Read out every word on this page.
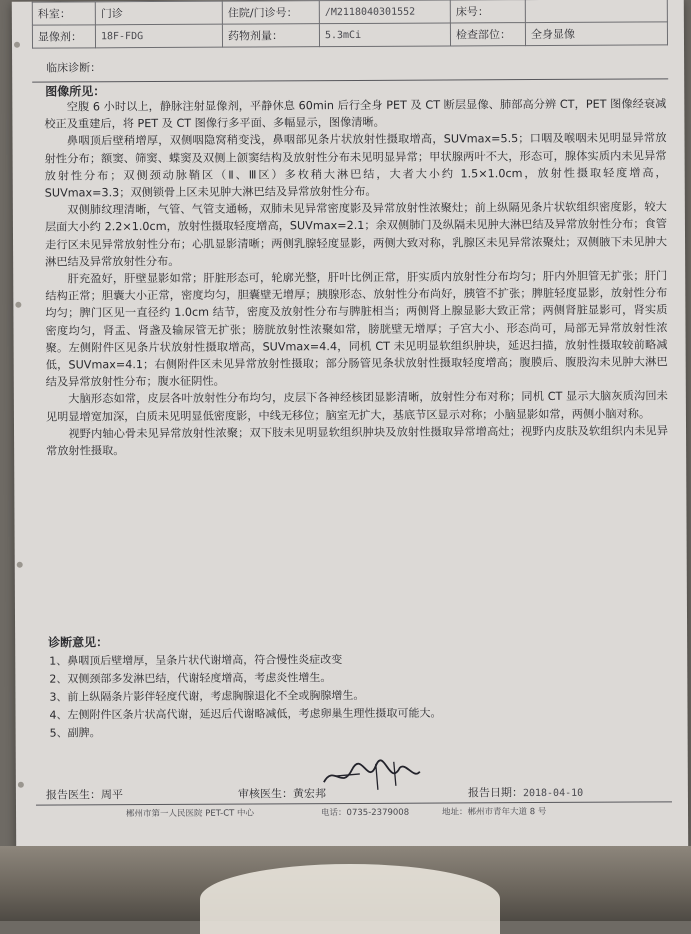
科室：	门诊	住院/门诊号：	/M2118040301552	床号：	
显像剂：	18F-FDG	药物剂量：	5.3mCi	检查部位：	全身显像
临床诊断：
图像所见：

空腹 6 小时以上，静脉注射显像剂，平静休息 60min 后行全身 PET 及 CT 断层显像、肺部高分辨 CT，PET 图像经衰减校正及重建后，将 PET 及 CT 图像行多平面、多幅显示，图像清晰。

鼻咽顶后壁稍增厚，双侧咽隐窝稍变浅，鼻咽部见条片状放射性摄取增高，SUVmax=5.5；口咽及喉咽未见明显异常放射性分布；额窦、筛窦、蝶窦及双侧上颌窦结构及放射性分布未见明显异常；甲状腺两叶不大，形态可，腺体实质内未见异常放射性分布；双侧颈动脉鞘区（Ⅱ、Ⅲ区）多枚稍大淋巴结，大者大小约 1.5×1.0cm，放射性摄取轻度增高，SUVmax=3.3；双侧锁骨上区未见肿大淋巴结及异常放射性分布。

双侧肺纹理清晰，气管、气管支通畅，双肺未见异常密度影及异常放射性浓聚灶；前上纵隔见条片状软组织密度影，较大层面大小约 2.2×1.0cm，放射性摄取轻度增高，SUVmax=2.1；余双侧肺门及纵隔未见肿大淋巴结及异常放射性分布；食管走行区未见异常放射性分布；心肌显影清晰；两侧乳腺轻度显影，两侧大致对称，乳腺区未见异常浓聚灶；双侧腋下未见肿大淋巴结及异常放射性分布。

肝充盈好，肝壁显影如常；肝脏形态可，轮廓光整，肝叶比例正常，肝实质内放射性分布均匀；肝内外胆管无扩张；肝门结构正常；胆囊大小正常，密度均匀，胆囊壁无增厚；胰腺形态、放射性分布尚好，胰管不扩张；脾脏轻度显影，放射性分布均匀；脾门区见一直径约 1.0cm 结节，密度及放射性分布与脾脏相当；两侧肾上腺显影大致正常；两侧肾脏显影可，肾实质密度均匀，肾盂、肾盏及输尿管无扩张；膀胱放射性浓聚如常，膀胱壁无增厚；子宫大小、形态尚可，局部无异常放射性浓聚。左侧附件区见条片状放射性摄取增高，SUVmax=4.4，同机 CT 未见明显软组织肿块，延迟扫描，放射性摄取较前略减低，SUVmax=4.1；右侧附件区未见异常放射性摄取；部分肠管见条状放射性摄取轻度增高；腹膜后、腹股沟未见肿大淋巴结及异常放射性分布；腹水征阴性。

大脑形态如常，皮层各叶放射性分布均匀，皮层下各神经核团显影清晰，放射性分布对称；同机 CT 显示大脑灰质沟回未见明显增宽加深，白质未见明显低密度影，中线无移位；脑室无扩大，基底节区显示对称；小脑显影如常，两侧小脑对称。

视野内轴心骨未见异常放射性浓聚；双下肢未见明显软组织肿块及放射性摄取异常增高灶；视野内皮肤及软组织内未见异常放射性摄取。

诊断意见：
1、鼻咽顶后壁增厚，呈条片状代谢增高，符合慢性炎症改变
2、双侧颈部多发淋巴结，代谢轻度增高，考虑炎性增生。
3、前上纵隔条片影伴轻度代谢，考虑胸腺退化不全或胸腺增生。
4、左侧附件区条片状高代谢，延迟后代谢略减低，考虑卵巢生理性摄取可能大。
5、副脾。
报告医生：周平	审核医生：黄宏邦	报告日期：2018-04-10
郴州市第一人民医院 PET-CT 中心	电话：0735-2379008	地址：郴州市青年大道 8 号
